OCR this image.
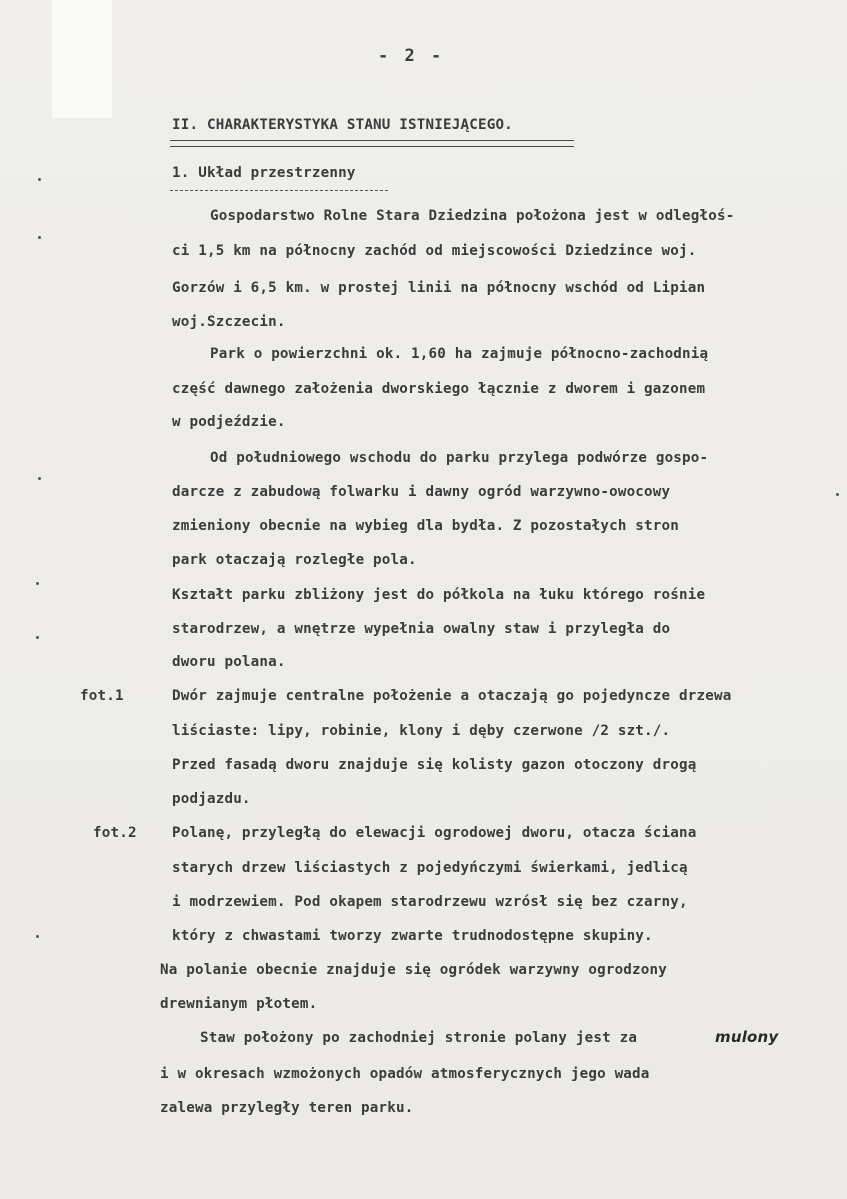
- 2 -
II. CHARAKTERYSTYKA STANU ISTNIEJĄCEGO.
1. Układ przestrzenny
Gospodarstwo Rolne Stara Dziedzina położona jest w odległoś-
ci 1,5 km na północny zachód od miejscowości Dziedzince woj.
Gorzów i 6,5 km. w prostej linii na północny wschód od Lipian
woj.Szczecin.
Park o powierzchni ok. 1,60 ha zajmuje północno-zachodnią
część dawnego założenia dworskiego łącznie z dworem i gazonem
w podjeździe.
Od południowego wschodu do parku przylega podwórze gospo-
darcze z zabudową folwarku i dawny ogród warzywno-owocowy
zmieniony obecnie na wybieg dla bydła. Z pozostałych stron
park otaczają rozległe pola.
Kształt parku zbliżony jest do półkola na łuku którego rośnie
starodrzew, a wnętrze wypełnia owalny staw i przyległa do
dworu polana.
fot.1	Dwór zajmuje centralne położenie a otaczają go pojedyncze drzewa
liściaste: lipy, robinie, klony i dęby czerwone /2 szt./.
Przed fasadą dworu znajduje się kolisty gazon otoczony drogą
podjazdu.
fot.2 Polanę, przyległą do elewacji ogrodowej dworu, otacza ściana
starych drzew liściastych z pojedyńczymi świerkami, jedlicą
i modrzewiem. Pod okapem starodrzewu wzrósł się bez czarny,
który z chwastami tworzy zwarte trudnodostępne skupiny.
Na polanie obecnie znajduje się ogródek warzywny ogrodzony
drewnianym płotem.
Staw położony po zachodniej stronie polany jest za	mulony
i w okresach wzmożonych opadów atmosferycznych jego wada
zalewa przyległy teren parku.
